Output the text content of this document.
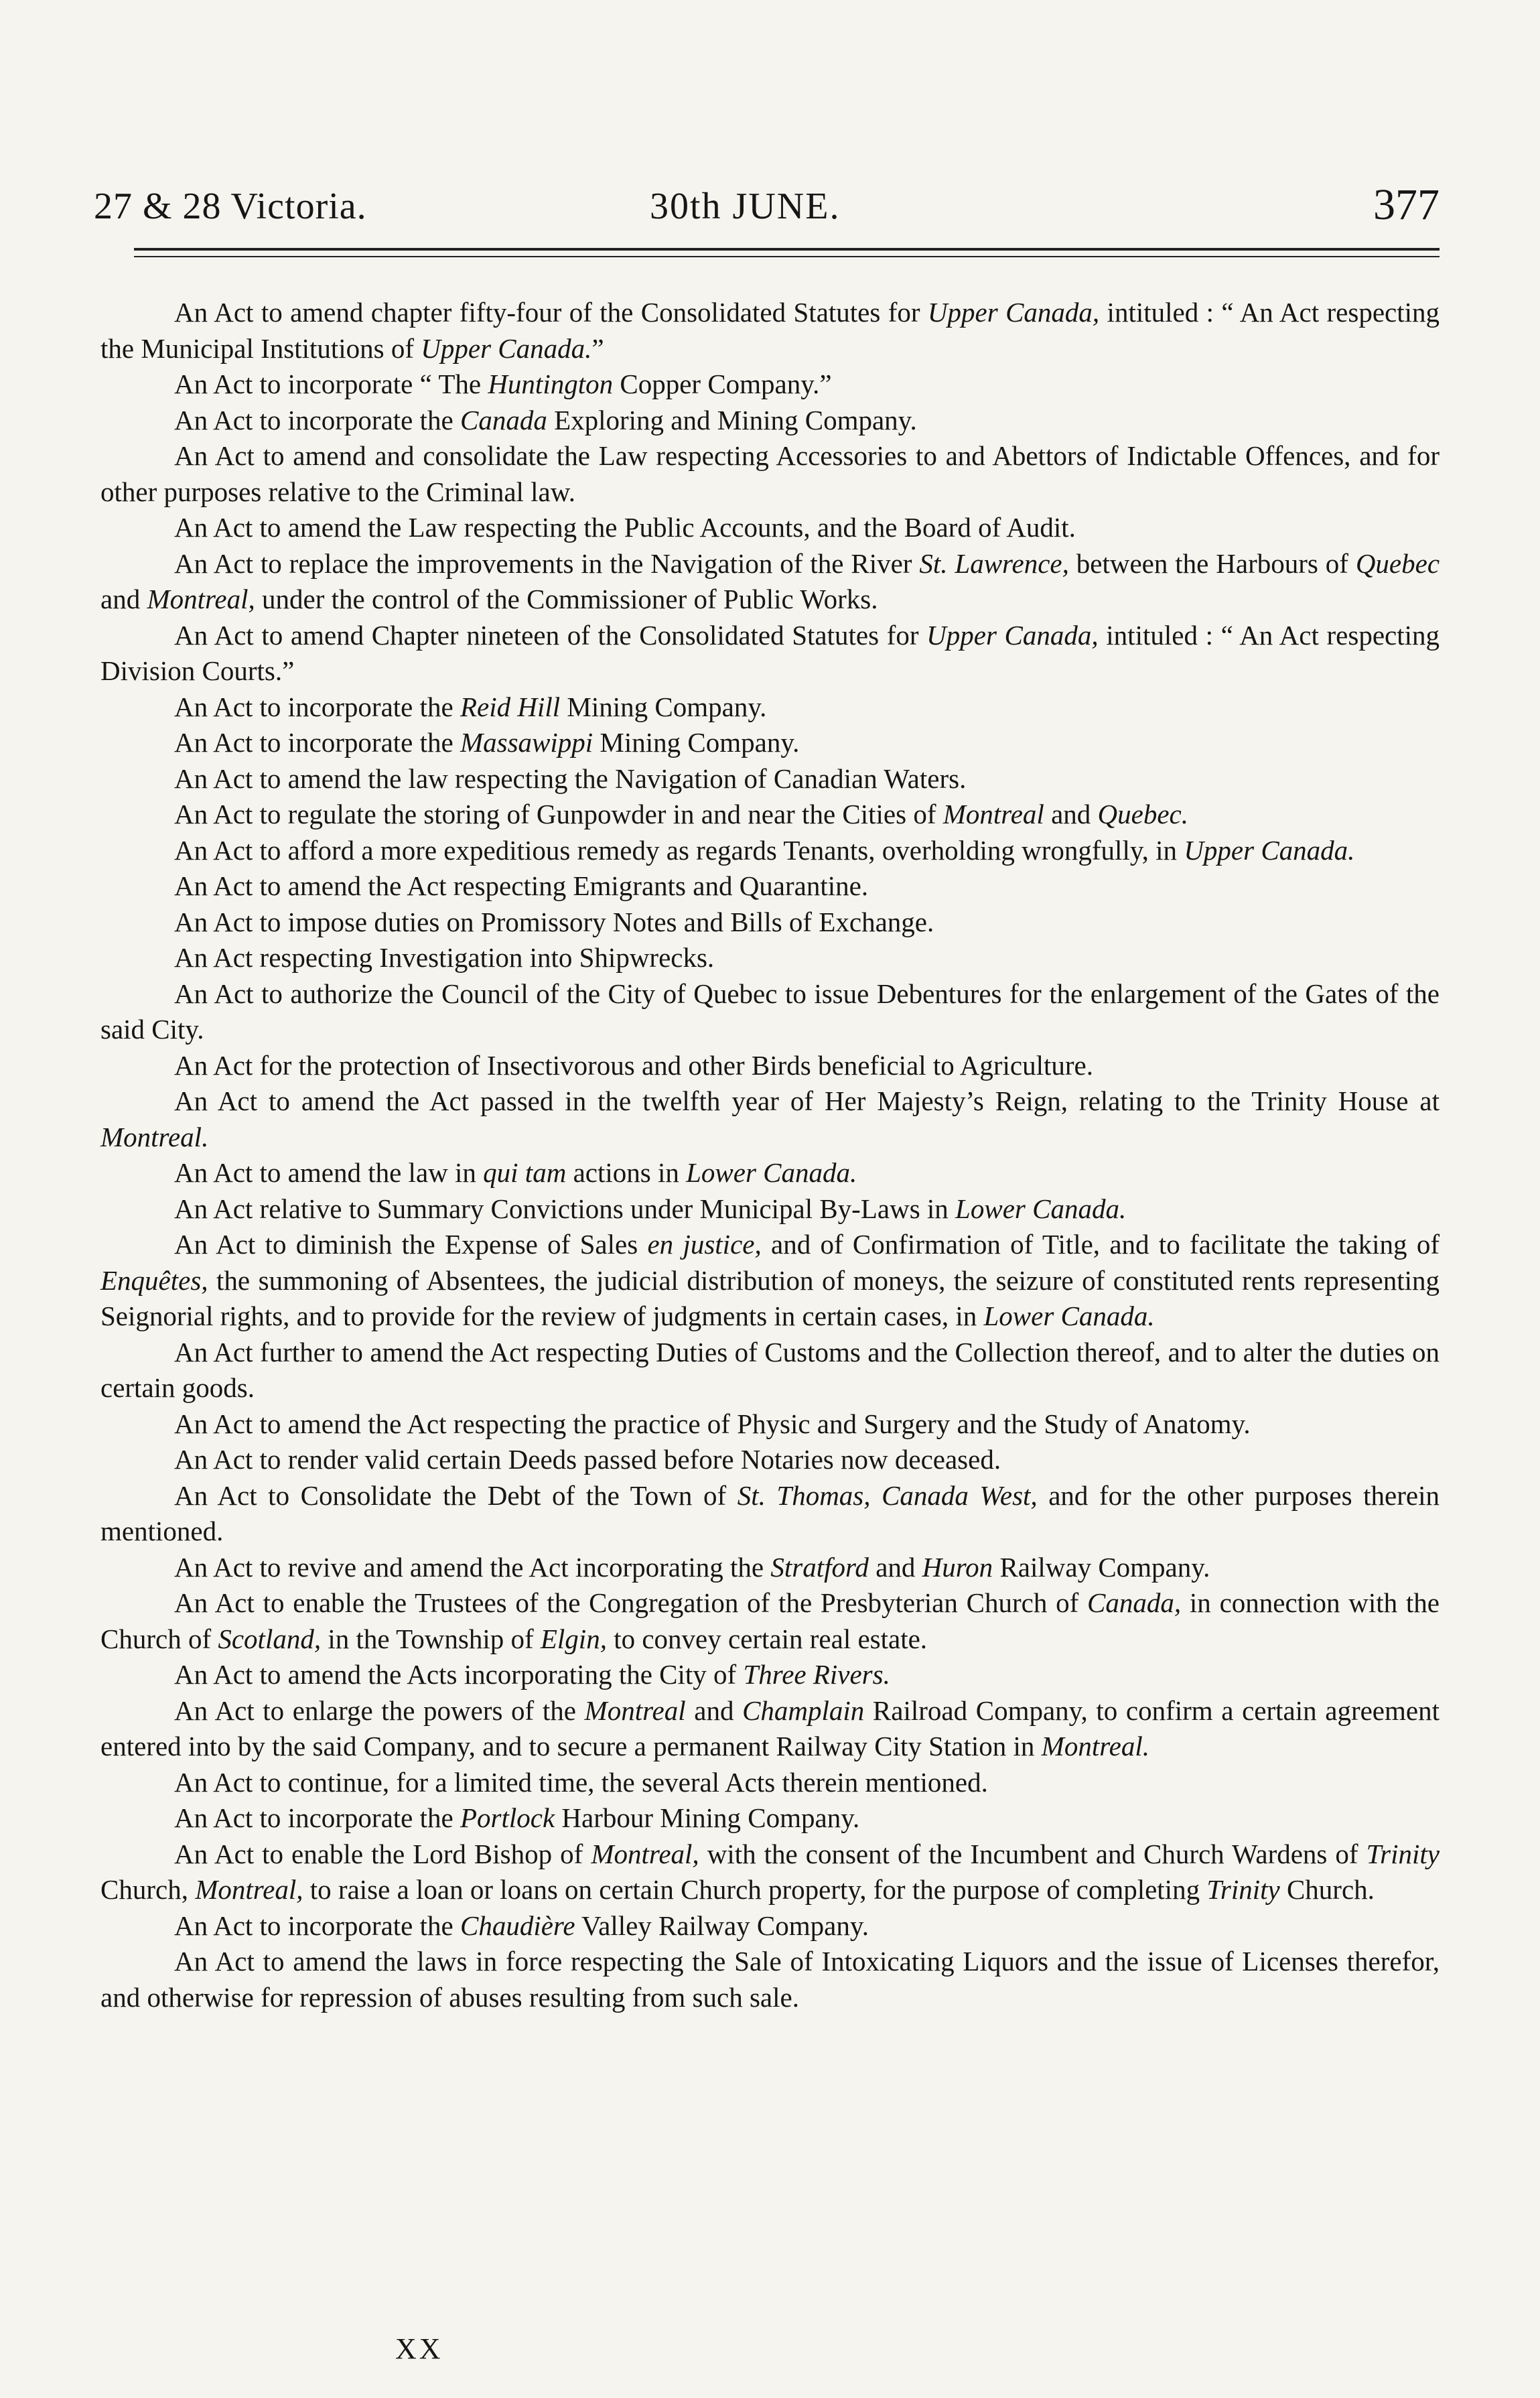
27 & 28 Victoria.	30th JUNE.	377

An Act to amend chapter fifty-four of the Consolidated Statutes for Upper Canada, intituled : “ An Act respecting the Municipal Institutions of Upper Canada.”

An Act to incorporate “ The Huntington Copper Company.”

An Act to incorporate the Canada Exploring and Mining Company.

An Act to amend and consolidate the Law respecting Accessories to and Abettors of Indictable Offences, and for other purposes relative to the Criminal law.

An Act to amend the Law respecting the Public Accounts, and the Board of Audit.

An Act to replace the improvements in the Navigation of the River St. Lawrence, between the Harbours of Quebec and Montreal, under the control of the Commissioner of Public Works.

An Act to amend Chapter nineteen of the Consolidated Statutes for Upper Canada, intituled : “ An Act respecting Division Courts.”

An Act to incorporate the Reid Hill Mining Company.

An Act to incorporate the Massawippi Mining Company.

An Act to amend the law respecting the Navigation of Canadian Waters.

An Act to regulate the storing of Gunpowder in and near the Cities of Montreal and Quebec.

An Act to afford a more expeditious remedy as regards Tenants, overholding wrongfully, in Upper Canada.

An Act to amend the Act respecting Emigrants and Quarantine.

An Act to impose duties on Promissory Notes and Bills of Exchange.

An Act respecting Investigation into Shipwrecks.

An Act to authorize the Council of the City of Quebec to issue Debentures for the enlargement of the Gates of the said City.

An Act for the protection of Insectivorous and other Birds beneficial to Agriculture.

An Act to amend the Act passed in the twelfth year of Her Majesty’s Reign, relating to the Trinity House at Montreal.

An Act to amend the law in qui tam actions in Lower Canada.

An Act relative to Summary Convictions under Municipal By-Laws in Lower Canada.

An Act to diminish the Expense of Sales en justice, and of Confirmation of Title, and to facilitate the taking of Enquêtes, the summoning of Absentees, the judicial distribution of moneys, the seizure of constituted rents representing Seignorial rights, and to provide for the review of judgments in certain cases, in Lower Canada.

An Act further to amend the Act respecting Duties of Customs and the Collection thereof, and to alter the duties on certain goods.

An Act to amend the Act respecting the practice of Physic and Surgery and the Study of Anatomy.

An Act to render valid certain Deeds passed before Notaries now deceased.

An Act to Consolidate the Debt of the Town of St. Thomas, Canada West, and for the other purposes therein mentioned.

An Act to revive and amend the Act incorporating the Stratford and Huron Railway Company.

An Act to enable the Trustees of the Congregation of the Presbyterian Church of Canada, in connection with the Church of Scotland, in the Township of Elgin, to convey certain real estate.

An Act to amend the Acts incorporating the City of Three Rivers.

An Act to enlarge the powers of the Montreal and Champlain Railroad Company, to confirm a certain agreement entered into by the said Company, and to secure a permanent Railway City Station in Montreal.

An Act to continue, for a limited time, the several Acts therein mentioned.

An Act to incorporate the Portlock Harbour Mining Company.

An Act to enable the Lord Bishop of Montreal, with the consent of the Incumbent and Church Wardens of Trinity Church, Montreal, to raise a loan or loans on certain Church property, for the purpose of completing Trinity Church.

An Act to incorporate the Chaudière Valley Railway Company.

An Act to amend the laws in force respecting the Sale of Intoxicating Liquors and the issue of Licenses therefor, and otherwise for repression of abuses resulting from such sale.

XX
